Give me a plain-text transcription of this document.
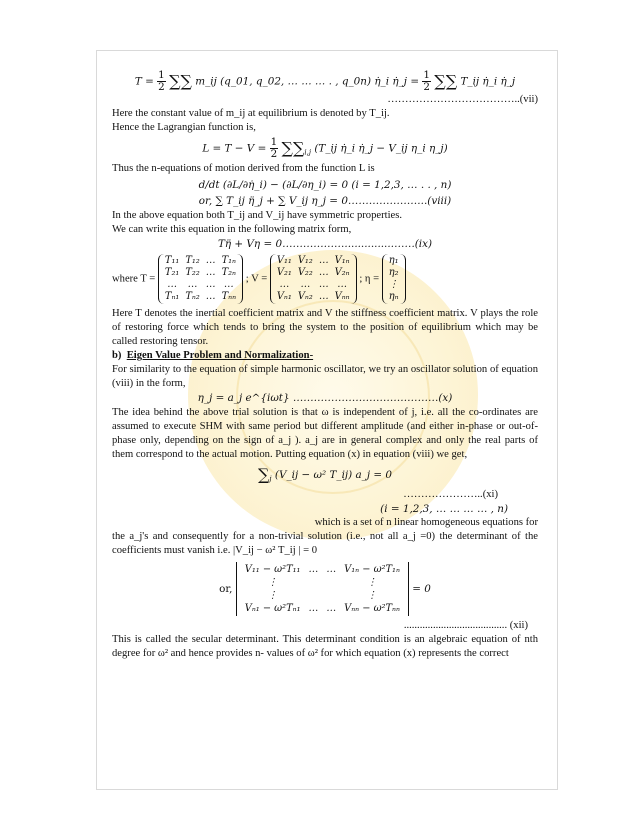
$T = \frac{1}{2}$ ∑∑ m_ij (q_01, q_02, … … … . , q_0n) η̇_i η̇_j = $\frac{1}{2}$ ∑∑ T_ij η̇_i η̇_j
………………………………..(vii)

Here the constant value of m_ij at equilibrium is denoted by T_ij.

Hence the Lagrangian function is,

$L = T - V = \frac{1}{2} \sum\sum_{i,j}$ (T_ij η̇_i η̇_j − V_ij η_i η_j)

Thus the n-equations of motion derived from the function L is

d/dt (∂L/∂η̇_i) − (∂L/∂η_i) = 0 (i = 1,2,3, … . . , n)
or, ∑ T_ij η̈_j + ∑ V_ij η_j = 0…………………..(viii)

In the above equation both T_ij and V_ij have symmetric properties.

We can write this equation in the following matrix form,

Tη̈ + Vη = 0………………..............…….(ix)
where T =
T₁₁ T₁₂ … T₁ₙ
T₂₁ T₂₂ … T₂ₙ
…	… … …
Tₙ₁ Tₙ₂ … Tₙₙ
; V =
V₁₁ V₁₂ … V₁ₙ
V₂₁ V₂₂ … V₂ₙ
…	… … …
Vₙ₁ Vₙ₂ … Vₙₙ
; η =
η₁
η₂
⋮
ηₙ

Here T denotes the inertial coefficient matrix and V the stiffness coefficient matrix. V plays the role of restoring force which tends to bring the system to the position of equilibrium which may be called restoring tensor.

b) Eigen Value Problem and Normalization-

For similarity to the equation of simple harmonic oscillator, we try an oscillator solution of equation (viii) in the form,

η_j = a_j e^{iωt} ……………………………………(x)

The idea behind the above trial solution is that ω is independent of j, i.e. all the co-ordinates are assumed to execute SHM with same period but different amplitude (and either in-phase or out-of-phase only, depending on the sign of a_j ). a_j are in general complex and only the real parts of them correspond to the actual motion. Putting equation (x) in equation (viii) we get,

$\sum_j$ (V_ij − ω² T_ij) a_j = 0
…………………..(xi)
(i = 1,2,3, … … … … , n)
which is a set of n linear homogeneous equations for

the a_j's and consequently for a non-trivial solution (i.e., not all a_j =0) the determinant of the coefficients must vanish i.e. |V_ij − ω² T_ij | = 0

or,
V₁₁ − ω²T₁₁ … … V₁ₙ − ω²T₁ₙ
⋮	⋮
⋮	⋮
Vₙ₁ − ω²Tₙ₁ … … Vₙₙ − ω²Tₙₙ
= 0
....................................... (xii)

This is called the secular determinant. This determinant condition is an algebraic equation of nth degree for ω² and hence provides n- values of ω² for which equation (x) represents the correct
